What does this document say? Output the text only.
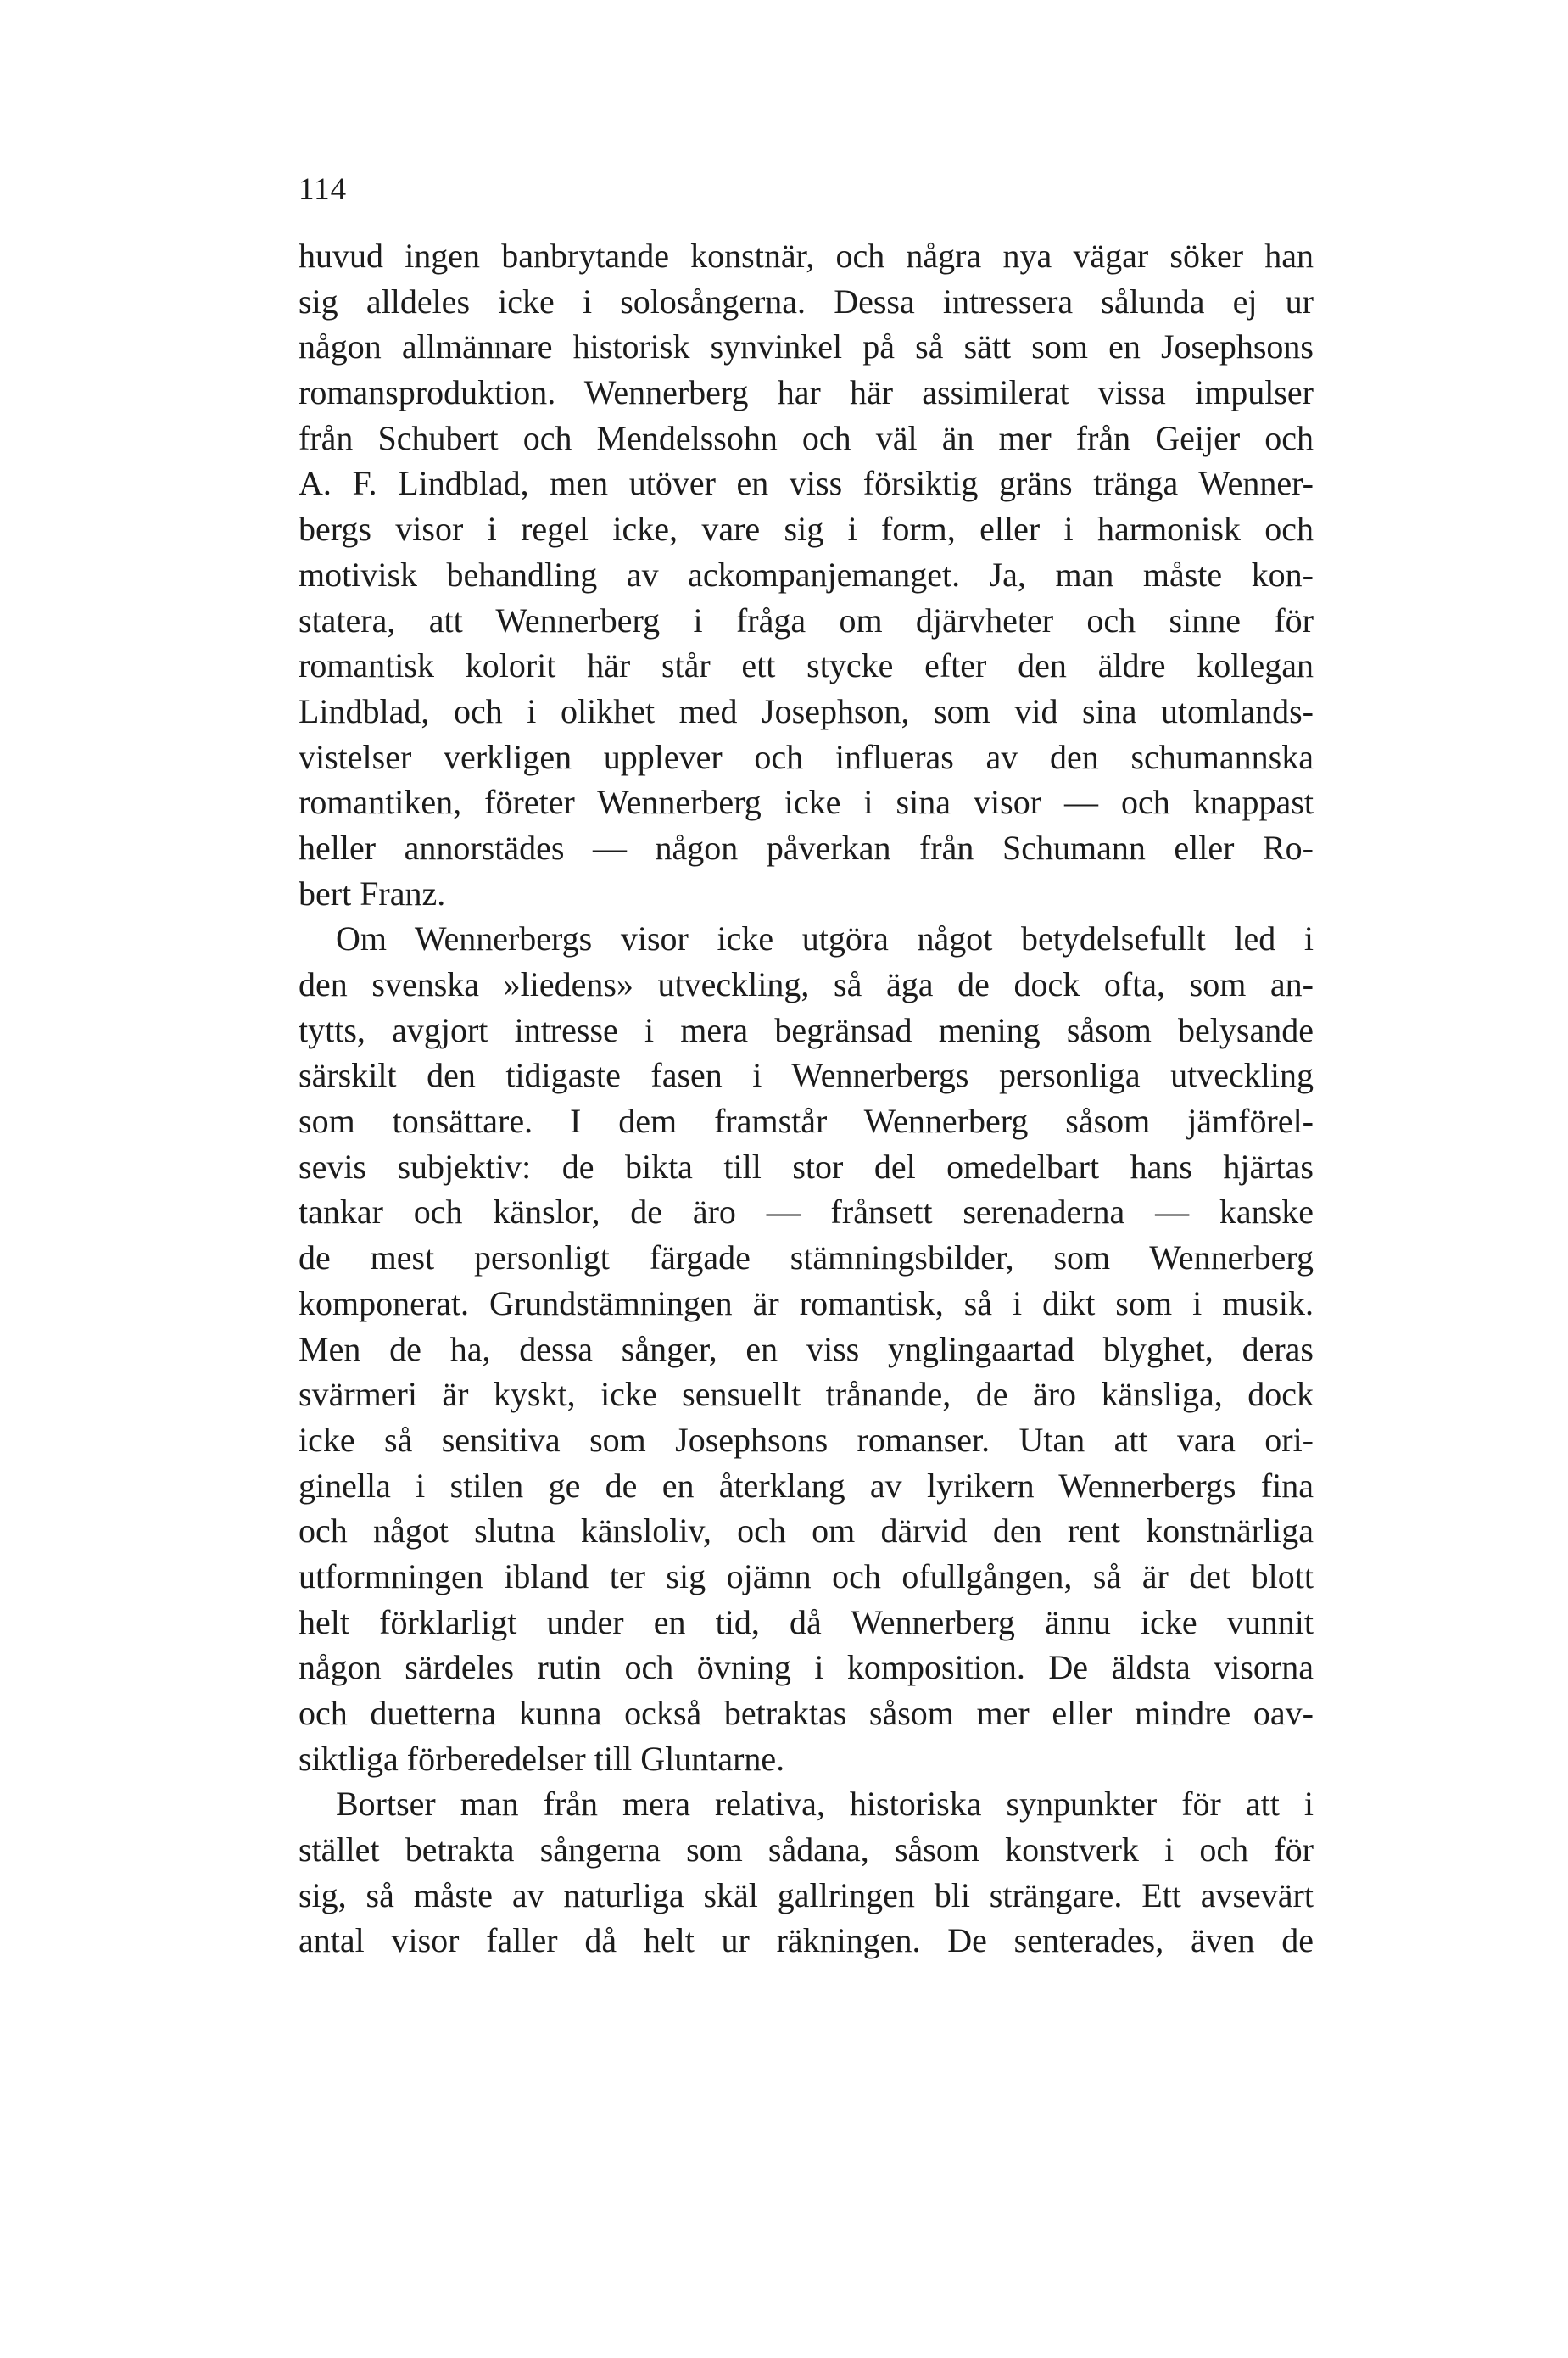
114
huvud ingen banbrytande konstnär, och några nya vägar söker han
sig alldeles icke i solosångerna. Dessa intressera sålunda ej ur
någon allmännare historisk synvinkel på så sätt som en Josephsons
romansproduktion. Wennerberg har här assimilerat vissa impulser
från Schubert och Mendelssohn och väl än mer från Geijer och
A. F. Lindblad, men utöver en viss försiktig gräns tränga Wenner-
bergs visor i regel icke, vare sig i form, eller i harmonisk och
motivisk behandling av ackompanjemanget. Ja, man måste kon-
statera, att Wennerberg i fråga om djärvheter och sinne för
romantisk kolorit här står ett stycke efter den äldre kollegan
Lindblad, och i olikhet med Josephson, som vid sina utomlands-
vistelser verkligen upplever och influeras av den schumannska
romantiken, företer Wennerberg icke i sina visor — och knappast
heller annorstädes — någon påverkan från Schumann eller Ro-
bert Franz.
Om Wennerbergs visor icke utgöra något betydelsefullt led i
den svenska »liedens» utveckling, så äga de dock ofta, som an-
tytts, avgjort intresse i mera begränsad mening såsom belysande
särskilt den tidigaste fasen i Wennerbergs personliga utveckling
som tonsättare. I dem framstår Wennerberg såsom jämförel-
sevis subjektiv: de bikta till stor del omedelbart hans hjärtas
tankar och känslor, de äro — frånsett serenaderna — kanske
de mest personligt färgade stämningsbilder, som Wennerberg
komponerat. Grundstämningen är romantisk, så i dikt som i musik.
Men de ha, dessa sånger, en viss ynglingaartad blyghet, deras
svärmeri är kyskt, icke sensuellt trånande, de äro känsliga, dock
icke så sensitiva som Josephsons romanser. Utan att vara ori-
ginella i stilen ge de en återklang av lyrikern Wennerbergs fina
och något slutna känsloliv, och om därvid den rent konstnärliga
utformningen ibland ter sig ojämn och ofullgången, så är det blott
helt förklarligt under en tid, då Wennerberg ännu icke vunnit
någon särdeles rutin och övning i komposition. De äldsta visorna
och duetterna kunna också betraktas såsom mer eller mindre oav-
siktliga förberedelser till Gluntarne.
Bortser man från mera relativa, historiska synpunkter för att i
stället betrakta sångerna som sådana, såsom konstverk i och för
sig, så måste av naturliga skäl gallringen bli strängare. Ett avsevärt
antal visor faller då helt ur räkningen. De senterades, även de
